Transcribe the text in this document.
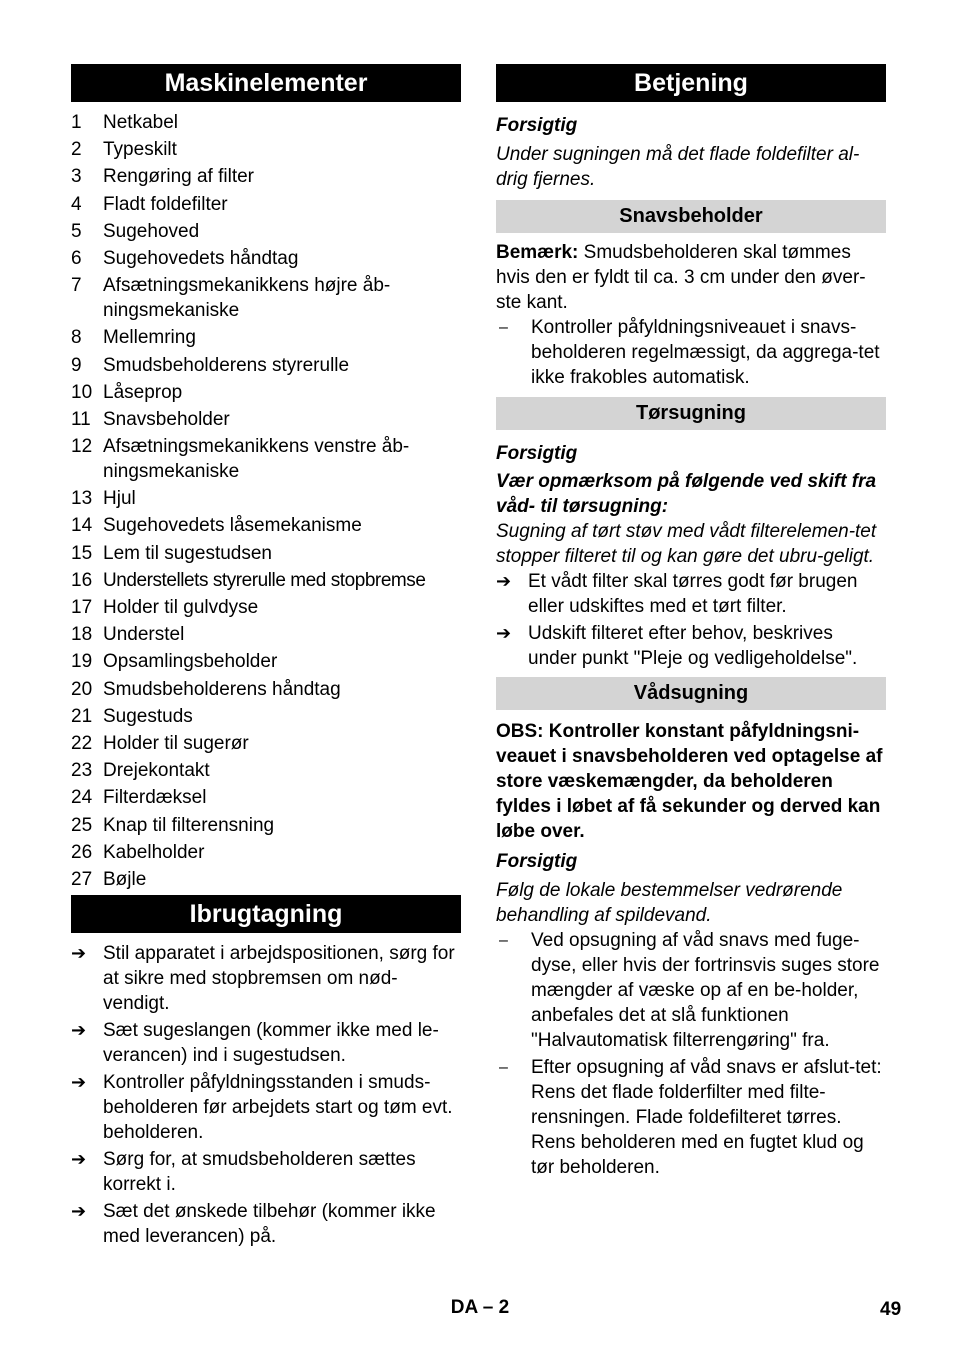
Maskinelementer
1	Netkabel
2	Typeskilt
3	Rengøring af filter
4	Fladt foldefilter
5	Sugehoved
6	Sugehovedets håndtag
7	Afsætningsmekanikkens højre åb-ningsmekaniske
8	Mellemring
9	Smudsbeholderens styrerulle
10 Låseprop
11 Snavsbeholder
12 Afsætningsmekanikkens venstre åb-ningsmekaniske
13 Hjul
14 Sugehovedets låsemekanisme
15 Lem til sugestudsen
16 Understellets styrerulle med stopbremse
17 Holder til gulvdyse
18 Understel
19 Opsamlingsbeholder
20 Smudsbeholderens håndtag
21 Sugestuds
22 Holder til sugerør
23 Drejekontakt
24 Filterdæksel
25 Knap til filterensning
26 Kabelholder
27 Bøjle
Ibrugtagning
➔ Stil apparatet i arbejdspositionen, sørg for at sikre med stopbremsen om nød-vendigt.
➔ Sæt sugeslangen (kommer ikke med le-verancen) ind i sugestudsen.
➔ Kontroller påfyldningsstanden i smuds-beholderen før arbejdets start og tøm evt. beholderen.
➔ Sørg for, at smudsbeholderen sættes korrekt i.
➔ Sæt det ønskede tilbehør (kommer ikke med leverancen) på.
Betjening
Forsigtig
Under sugningen må det flade foldefilter al-drig fjernes.
Snavsbeholder
Bemærk: Smudsbeholderen skal tømmes hvis den er fyldt til ca. 3 cm under den øver-ste kant.
–	Kontroller påfyldningsniveauet i snavs-beholderen regelmæssigt, da aggrega-tet ikke frakobles automatisk.
Tørsugning
Forsigtig
Vær opmærksom på følgende ved skift fra våd- til tørsugning:
Sugning af tørt støv med vådt filterelemen-tet stopper filteret til og kan gøre det ubru-geligt.
➔ Et vådt filter skal tørres godt før brugen eller udskiftes med et tørt filter.
➔ Udskift filteret efter behov, beskrives under punkt "Pleje og vedligeholdelse".
Vådsugning
OBS: Kontroller konstant påfyldningsni-veauet i snavsbeholderen ved optagelse af store væskemængder, da beholderen fyldes i løbet af få sekunder og derved kan løbe over.
Forsigtig
Følg de lokale bestemmelser vedrørende behandling af spildevand.
–	Ved opsugning af våd snavs med fuge-dyse, eller hvis der fortrinsvis suges store mængder af væske op af en be-holder, anbefales det at slå funktionen "Halvautomatisk filterrengøring" fra.
–	Efter opsugning af våd snavs er afslut-tet: Rens det flade folderfilter med filte-rensningen. Flade foldefilteret tørres. Rens beholderen med en fugtet klud og tør beholderen.
DA – 2	49
